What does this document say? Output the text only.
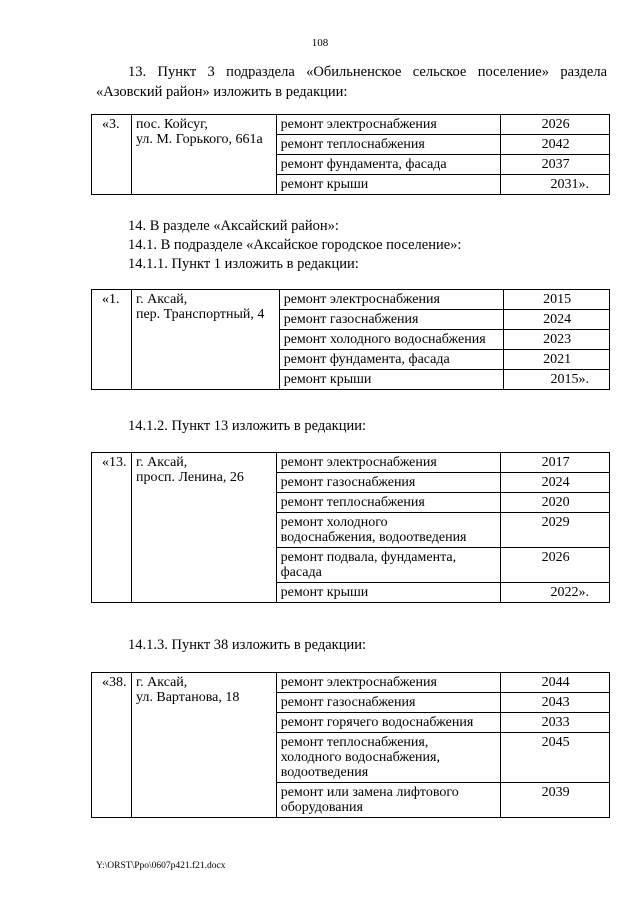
108
13. Пункт 3 подраздела «Обильненское сельское поселение» раздела
«Азовский район» изложить в редакции:
«3.	пос. Койсуг,
ул. М. Горького, 661а	ремонт электроснабжения	2026
		ремонт теплоснабжения	2042
		ремонт фундамента, фасада	2037
		ремонт крыши	2031».
14. В разделе «Аксайский район»:
14.1. В подразделе «Аксайское городское поселение»:
14.1.1. Пункт 1 изложить в редакции:
«1.	г. Аксай,
пер. Транспортный, 4	ремонт электроснабжения	2015
		ремонт газоснабжения	2024
		ремонт холодного водоснабжения	2023
		ремонт фундамента, фасада	2021
		ремонт крыши	2015».
14.1.2. Пункт 13 изложить в редакции:
«13.	г. Аксай,
просп. Ленина, 26	ремонт электроснабжения	2017

		ремонт газоснабжения	2024

		ремонт теплоснабжения	2020

		ремонт холодного
водоснабжения, водоотведения	2029

		ремонт подвала, фундамента,
фасада	2026

		ремонт крыши	2022».
14.1.3. Пункт 38 изложить в редакции:
«38.	г. Аксай,
ул. Вартанова, 18	ремонт электроснабжения	2044

		ремонт газоснабжения	2043

		ремонт горячего водоснабжения	2033

		ремонт теплоснабжения,
холодного водоснабжения,
водоотведения	2045

		ремонт или замена лифтового
оборудования	2039
Y:\ORST\Ppo\0607p421.f21.docx
